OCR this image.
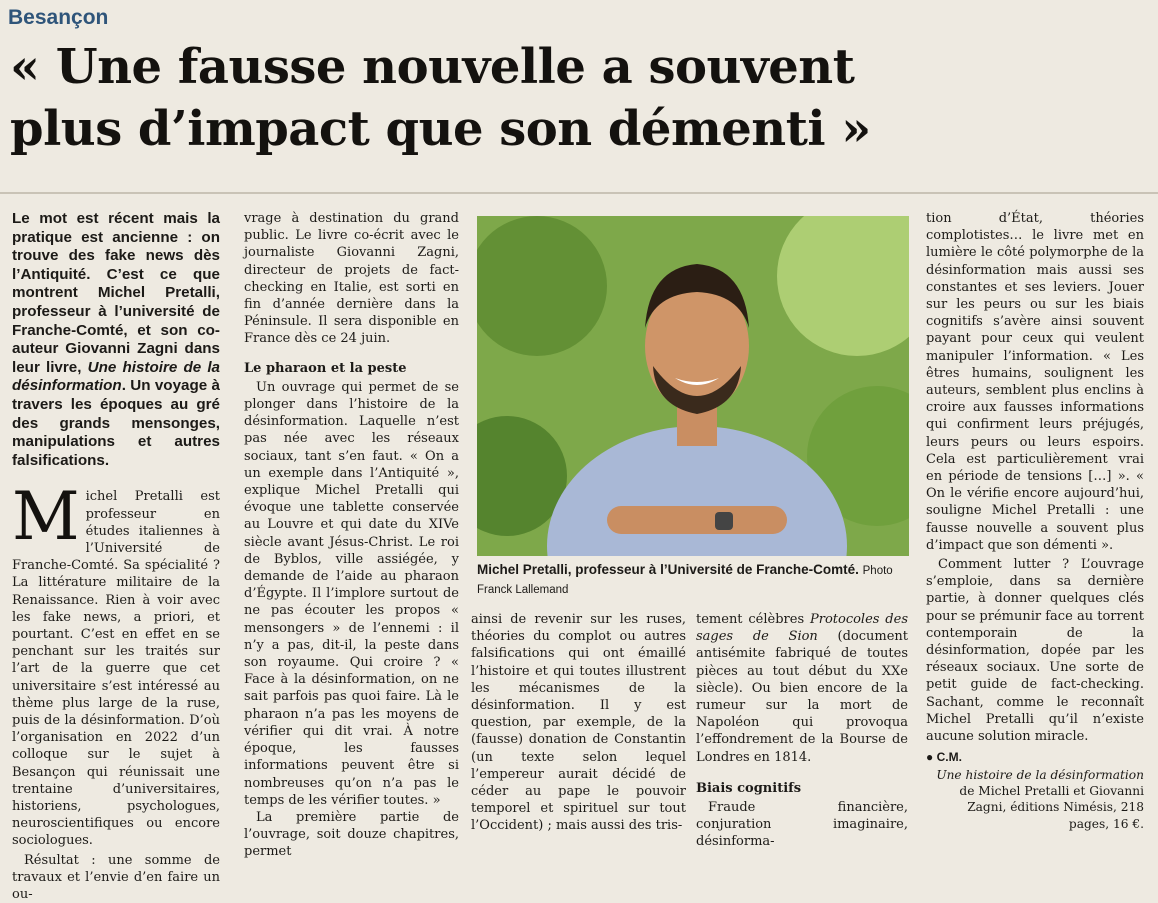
Besançon
« Une fausse nouvelle a souvent
plus d’impact que son démenti »

Le mot est récent mais la pratique est ancienne : on trouve des fake news dès l’Antiquité. C’est ce que montrent Michel Pretalli, professeur à l’université de Franche-Comté, et son co-auteur Giovanni Zagni dans leur livre, Une histoire de la désinformation. Un voyage à travers les époques au gré des grands mensonges, manipulations et autres falsifications.

Michel Pretalli est professeur en études italiennes à l’Université de Franche-Comté. Sa spécialité ? La littérature militaire de la Renaissance. Rien à voir avec les fake news, a priori, et pourtant. C’est en effet en se penchant sur les traités sur l’art de la guerre que cet universitaire s’est intéressé au thème plus large de la ruse, puis de la désinformation. D’où l’organisation en 2022 d’un colloque sur le sujet à Besançon qui réunissait une trentaine d’universitaires, historiens, psychologues, neuroscientifiques ou encore sociologues.

Résultat : une somme de travaux et l’envie d’en faire un ou-

vrage à destination du grand public. Le livre co-écrit avec le journaliste Giovanni Zagni, directeur de projets de fact-checking en Italie, est sorti en fin d’année dernière dans la Péninsule. Il sera disponible en France dès ce 24 juin.

Le pharaon et la peste

Un ouvrage qui permet de se plonger dans l’histoire de la désinformation. Laquelle n’est pas née avec les réseaux sociaux, tant s’en faut. « On a un exemple dans l’Antiquité », explique Michel Pretalli qui évoque une tablette conservée au Louvre et qui date du XIVe siècle avant Jésus-Christ. Le roi de Byblos, ville assiégée, y demande de l’aide au pharaon d’Égypte. Il l’implore surtout de ne pas écouter les propos « mensongers » de l’ennemi : il n’y a pas, dit-il, la peste dans son royaume. Qui croire ? « Face à la désinformation, on ne sait parfois pas quoi faire. Là le pharaon n’a pas les moyens de vérifier qui dit vrai. À notre époque, les fausses informations peuvent être si nombreuses qu’on n’a pas le temps de les vérifier toutes. »

La première partie de l’ouvrage, soit douze chapitres, permet

Michel Pretalli, professeur à l’Université de Franche-Comté. Photo Franck Lallemand

ainsi de revenir sur les ruses, théories du complot ou autres falsifications qui ont émaillé l’histoire et qui toutes illustrent les mécanismes de la désinformation. Il y est question, par exemple, de la (fausse) donation de Constantin (un texte selon lequel l’empereur aurait décidé de céder au pape le pouvoir temporel et spirituel sur tout l’Occident) ; mais aussi des tris-

tement célèbres Protocoles des sages de Sion (document antisémite fabriqué de toutes pièces au tout début du XXe siècle). Ou bien encore de la rumeur sur la mort de Napoléon qui provoqua l’effondrement de la Bourse de Londres en 1814.

Biais cognitifs

Fraude financière, conjuration imaginaire, désinforma-

tion d’État, théories complotistes… le livre met en lumière le côté polymorphe de la désinformation mais aussi ses constantes et ses leviers. Jouer sur les peurs ou sur les biais cognitifs s’avère ainsi souvent payant pour ceux qui veulent manipuler l’information. « Les êtres humains, soulignent les auteurs, semblent plus enclins à croire aux fausses informations qui confirment leurs préjugés, leurs peurs ou leurs espoirs. Cela est particulièrement vrai en période de tensions […] ». « On le vérifie encore aujourd’hui, souligne Michel Pretalli : une fausse nouvelle a souvent plus d’impact que son démenti ».

Comment lutter ? L’ouvrage s’emploie, dans sa dernière partie, à donner quelques clés pour se prémunir face au torrent contemporain de la désinformation, dopée par les réseaux sociaux. Une sorte de petit guide de fact-checking. Sachant, comme le reconnaît Michel Pretalli qu’il n’existe aucune solution miracle.

● C.M.

Une histoire de la désinformation de Michel Pretalli et Giovanni Zagni, éditions Nimésis, 218 pages, 16 €.
